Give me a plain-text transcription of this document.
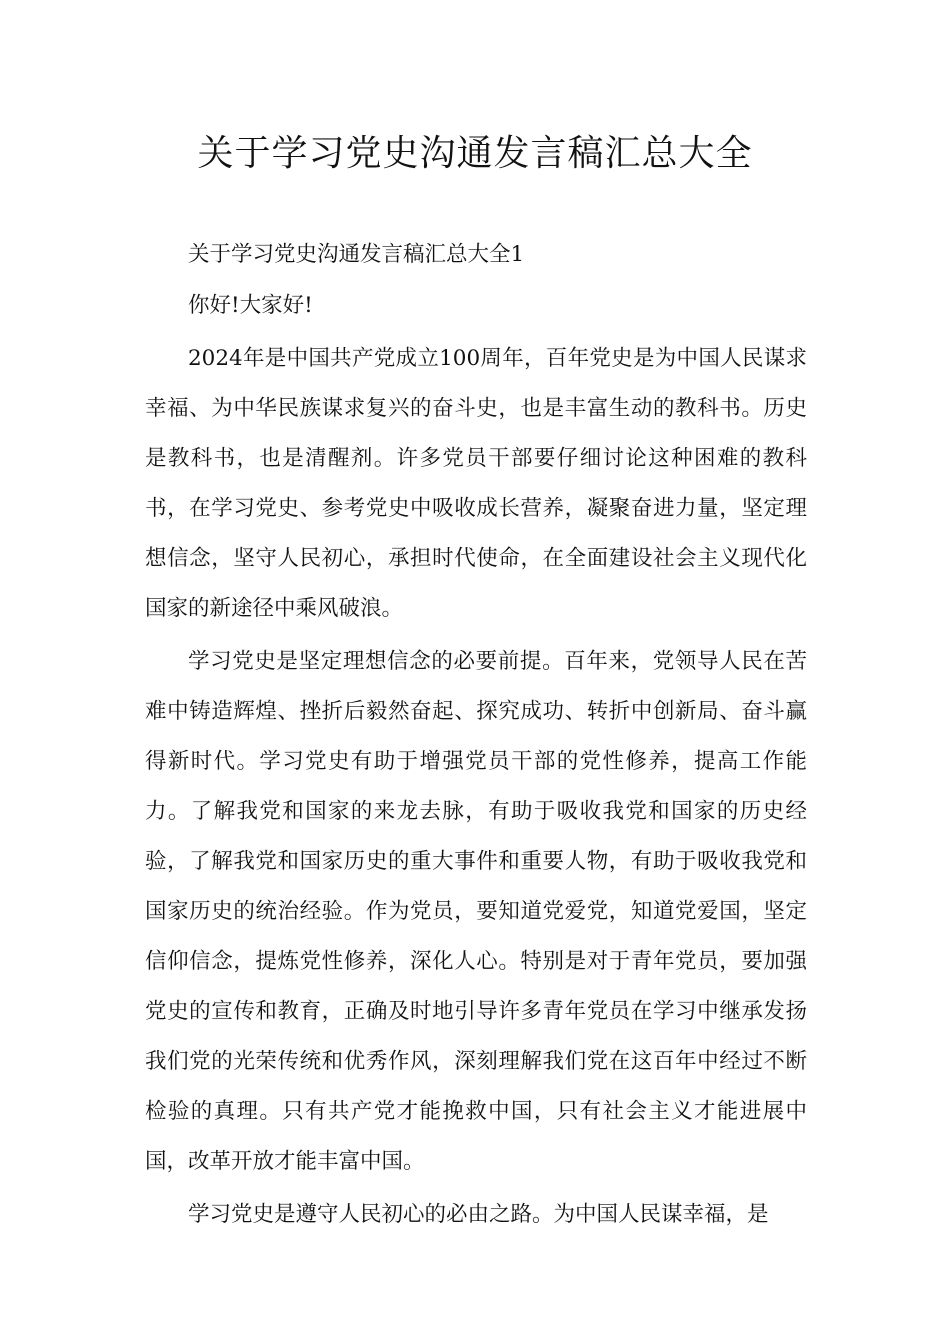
关于学习党史沟通发言稿汇总大全

关于学习党史沟通发言稿汇总大全1

你好!大家好!

2024年是中国共产党成立100周年，百年党史是为中国人民谋求幸福、为中华民族谋求复兴的奋斗史，也是丰富生动的教科书。历史是教科书，也是清醒剂。许多党员干部要仔细讨论这种困难的教科书，在学习党史、参考党史中吸收成长营养，凝聚奋进力量，坚定理想信念，坚守人民初心，承担时代使命，在全面建设社会主义现代化国家的新途径中乘风破浪。

学习党史是坚定理想信念的必要前提。百年来，党领导人民在苦难中铸造辉煌、挫折后毅然奋起、探究成功、转折中创新局、奋斗赢得新时代。学习党史有助于增强党员干部的党性修养，提高工作能力。了解我党和国家的来龙去脉，有助于吸收我党和国家的历史经验，了解我党和国家历史的重大事件和重要人物，有助于吸收我党和国家历史的统治经验。作为党员，要知道党爱党，知道党爱国，坚定信仰信念，提炼党性修养，深化人心。特别是对于青年党员，要加强党史的宣传和教育，正确及时地引导许多青年党员在学习中继承发扬我们党的光荣传统和优秀作风，深刻理解我们党在这百年中经过不断检验的真理。只有共产党才能挽救中国，只有社会主义才能进展中国，改革开放才能丰富中国。

学习党史是遵守人民初心的必由之路。为中国人民谋幸福，是
